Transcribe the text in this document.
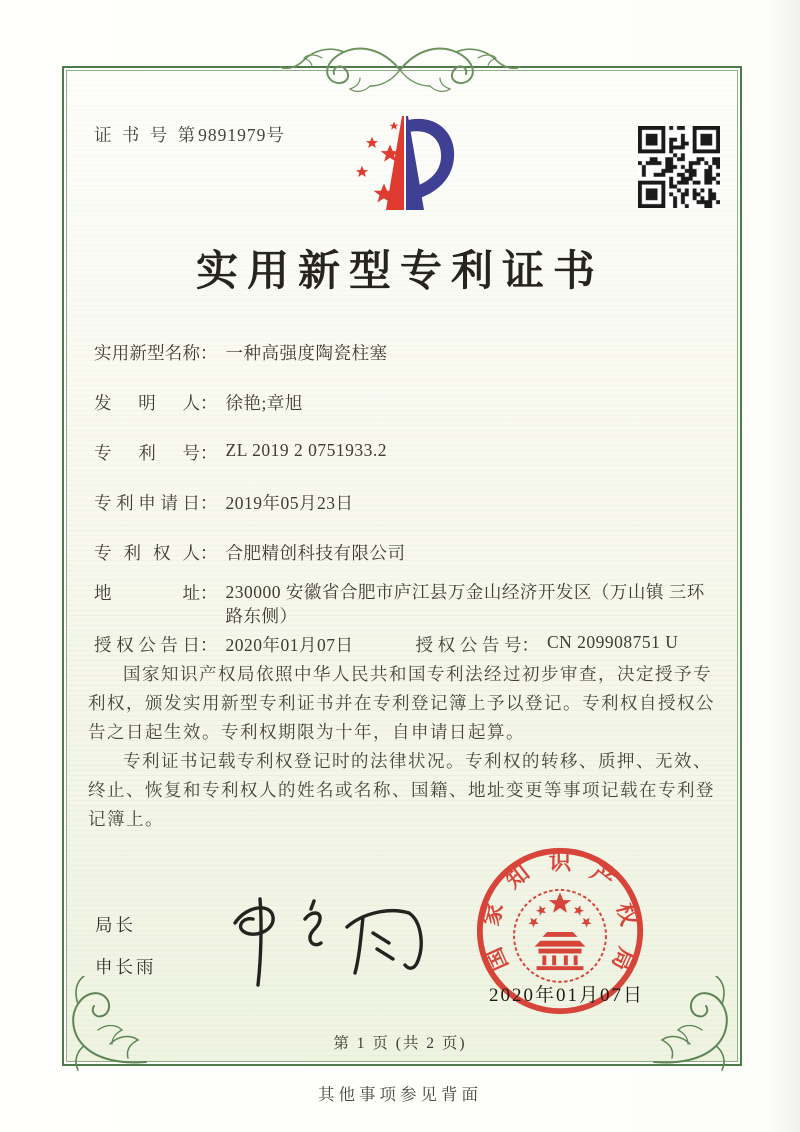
证 书 号 第9891979号
实用新型专利证书
实用新型名称 ： 一种高强度陶瓷柱塞
发明人 ： 徐艳;章旭
专利号 ： ZL 2019 2 0751933.2
专利申请日 ： 2019年05月23日
专利权人 ： 合肥精创科技有限公司
地址 ： 230000 安徽省合肥市庐江县万金山经济开发区（万山镇 三环路东侧）
授权公告日 ： 2020年01月07日	授权公告号 ： CN 209908751 U

国家知识产权局依照中华人民共和国专利法经过初步审查，决定授予专利权，颁发实用新型专利证书并在专利登记簿上予以登记。专利权自授权公告之日起生效。专利权期限为十年，自申请日起算。

专利证书记载专利权登记时的法律状况。专利权的转移、质押、无效、终止、恢复和专利权人的姓名或名称、国籍、地址变更等事项记载在专利登记簿上。

局长
申长雨	国
家
知 识 产
权
局
2020年01月07日
第 1 页 (共 2 页)
其他事项参见背面
